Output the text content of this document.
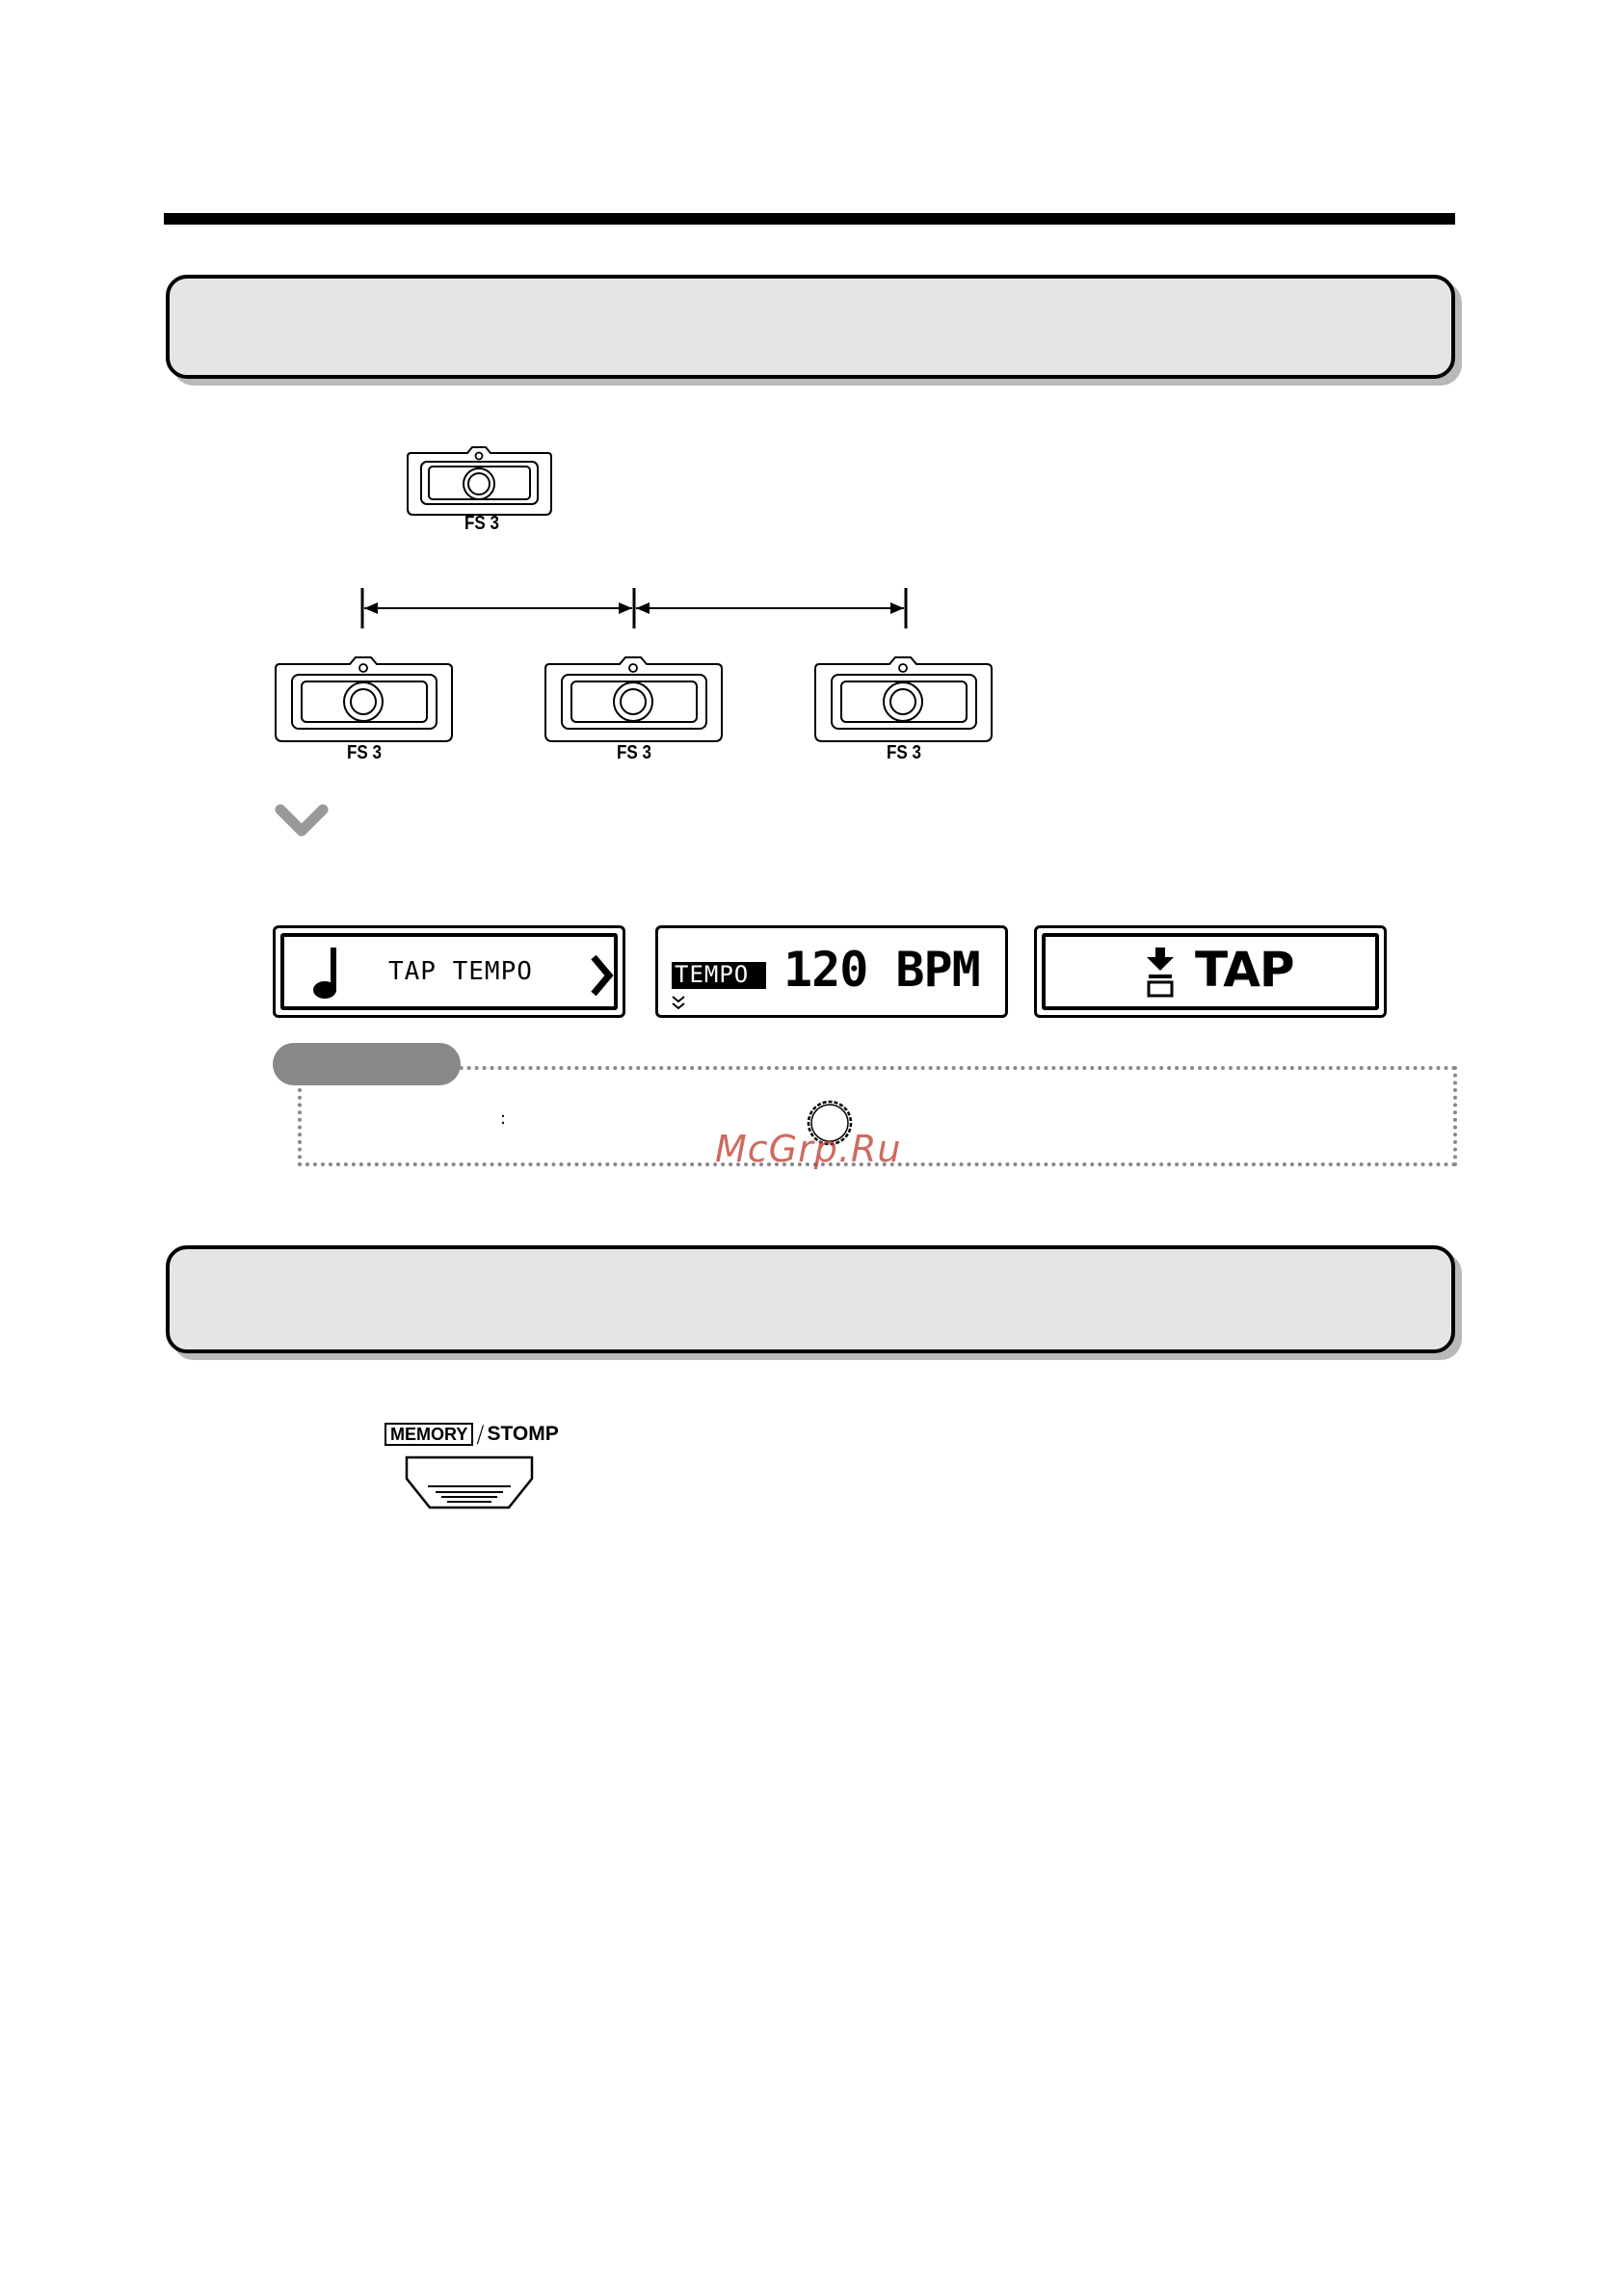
FS 3
FS 3	FS 3	FS 3
TAP TEMPO	TEMPO 120 BPM	TAP
:
McGrp.Ru
MEMORY / STOMP
